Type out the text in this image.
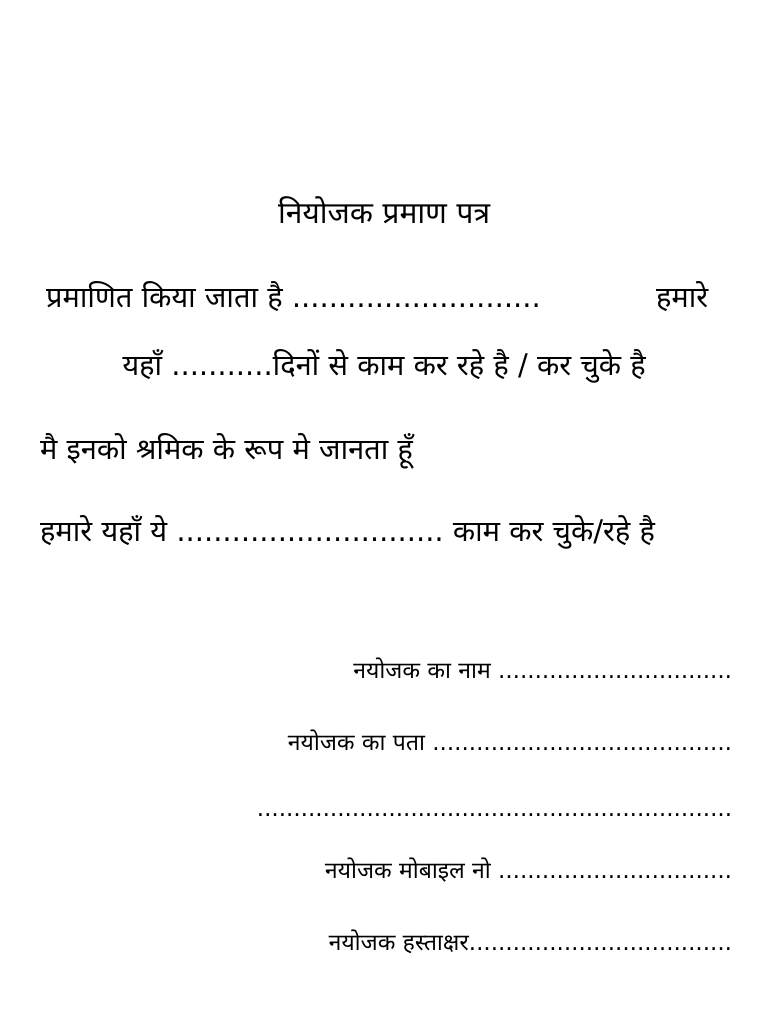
नियोजक प्रमाण पत्र
प्रमाणित किया जाता है ...........................	हमारे
यहाँ ...........दिनों से काम कर रहे है / कर चुके है
मै इनको श्रमिक के रूप मे जानता हूँ
हमारे यहाँ ये ............................. काम कर चुके/रहे है
नयोजक का नाम ................................
नयोजक का पता .........................................
.................................................................
नयोजक मोबाइल नो ................................
नयोजक हस्ताक्षर....................................
